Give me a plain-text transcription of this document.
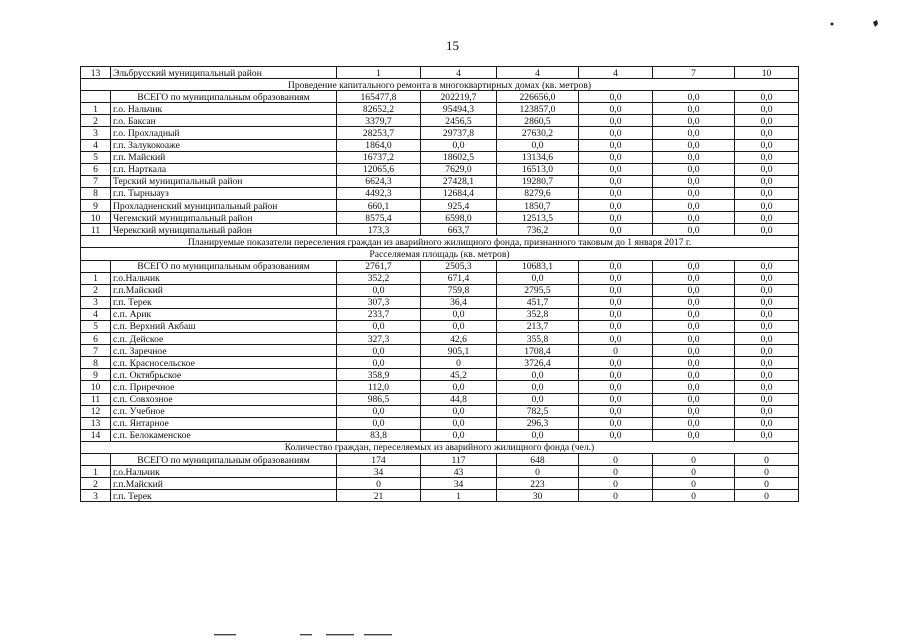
15
13	Эльбрусский муниципальный район	1	4	4	4	7	10
Проведение капитального ремонта в многоквартирных домах (кв. метров)							
	ВСЕГО по муниципальным образованиям	165477,8	202219,7	226656,0	0,0	0,0	0,0
1	г.о. Нальчик	82652,2	95494,3	123857,0	0,0	0,0	0,0
2	г.о. Баксан	3379,7	2456,5	2860,5	0,0	0,0	0,0
3	г.о. Прохладный	28253,7	29737,8	27630,2	0,0	0,0	0,0
4	г.п. Залукокоаже	1864,0	0,0	0,0	0,0	0,0	0,0
5	г.п. Майский	16737,2	18602,5	13134,6	0,0	0,0	0,0
6	г.п. Нарткала	12065,6	7629,0	16513,0	0,0	0,0	0,0
7	Терский муниципальный район	6624,3	27428,1	19280,7	0,0	0,0	0,0
8	г.п. Тырныауз	4492,3	12684,4	8279,6	0,0	0,0	0,0
9	Прохладненский муниципальный район	660,1	925,4	1850,7	0,0	0,0	0,0
10	Чегемский муниципальный район	8575,4	6598,0	12513,5	0,0	0,0	0,0
11	Черекский муниципальный район	173,3	663,7	736,2	0,0	0,0	0,0
Планируемые показатели переселения граждан из аварийного жилищного фонда, признанного таковым до 1 января 2017 г.							
Расселяемая площадь (кв. метров)							
	ВСЕГО по муниципальным образованиям	2761,7	2505,3	10683,1	0,0	0,0	0,0
1	г.о.Нальчик	352,2	671,4	0,0	0,0	0,0	0,0
2	г.п.Майский	0,0	759,8	2795,5	0,0	0,0	0,0
3	г.п. Терек	307,3	36,4	451,7	0,0	0,0	0,0
4	с.п. Арик	233,7	0,0	352,8	0,0	0,0	0,0
5	с.п. Верхний Акбаш	0,0	0,0	213,7	0,0	0,0	0,0
6	с.п. Дейское	327,3	42,6	355,8	0,0	0,0	0,0
7	с.п. Заречное	0,0	905,1	1708,4	0	0,0	0,0
8	с.п. Красносельское	0,0	0	3726,4	0,0	0,0	0,0
9	с.п. Октябрьское	358,9	45,2	0,0	0,0	0,0	0,0
10	с.п. Приречное	112,0	0,0	0,0	0,0	0,0	0,0
11	с.п. Совхозное	986,5	44,8	0,0	0,0	0,0	0,0
12	с.п. Учебное	0,0	0,0	782,5	0,0	0,0	0,0
13	с.п. Янтарное	0,0	0,0	296,3	0,0	0,0	0,0
14	с.п. Белокаменское	83,8	0,0	0,0	0,0	0,0	0,0
Количество граждан, переселяемых из аварийного жилищного фонда (чел.)							
	ВСЕГО по муниципальным образованиям	174	117	648	0	0	0
1	г.о.Нальчик	34	43	0	0	0	0
2	г.п.Майский	0	34	223	0	0	0
3	г.п. Терек	21	1	30	0	0	0
